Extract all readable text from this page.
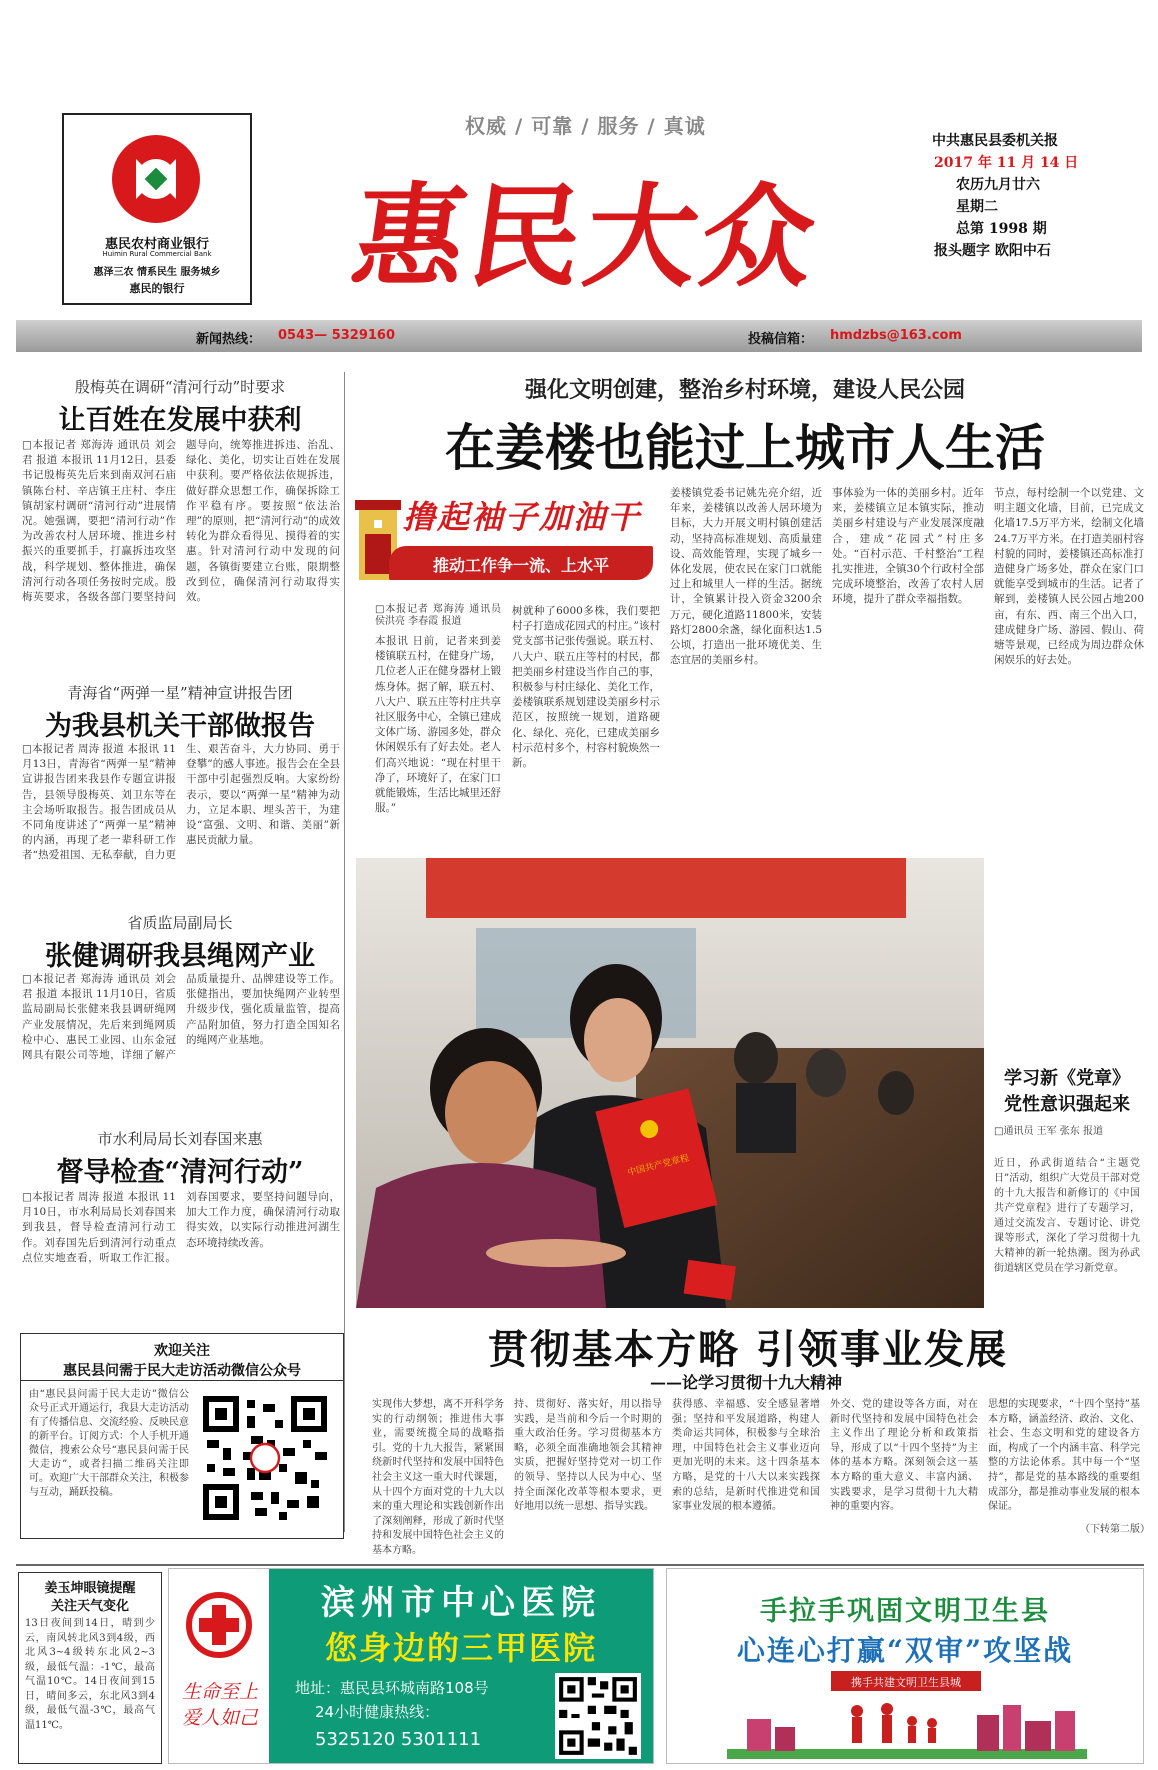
惠民农村商业银行
Huimin Rural Commercial Bank
惠泽三农 情系民生 服务城乡
惠民的银行
权威 / 可靠 / 服务 / 真诚
惠民大众
中共惠民县委机关报
2017 年 11 月 14 日
农历九月廿六
星期二
总第 1998 期
报头题字 欧阳中石
新闻热线： 0543— 5329160	投稿信箱： hmdzbs@163.com
殷梅英在调研“清河行动”时要求
让百姓在发展中获利
□本报记者 郑海涛 通讯员 刘会君 报道 本报讯 11月12日，县委书记殷梅英先后来到南双河石庙镇陈台村、辛店镇王庄村、李庄镇胡家村调研“清河行动”进展情况。她强调，要把“清河行动”作为改善农村人居环境、推进乡村振兴的重要抓手，打赢拆违攻坚战，科学规划、整体推进，确保清河行动各项任务按时完成。殷梅英要求，各级各部门要坚持问题导向，统筹推进拆违、治乱、绿化、美化，切实让百姓在发展中获利。要严格依法依规拆违，做好群众思想工作，确保拆除工作平稳有序。要按照“依法治理”的原则，把“清河行动”的成效转化为群众看得见、摸得着的实惠。针对清河行动中发现的问题，各镇街要建立台账，限期整改到位，确保清河行动取得实效。
青海省“两弹一星”精神宣讲报告团
为我县机关干部做报告
□本报记者 周涛 报道 本报讯 11月13日，青海省“两弹一星”精神宣讲报告团来我县作专题宣讲报告，县领导殷梅英、刘卫东等在主会场听取报告。报告团成员从不同角度讲述了“两弹一星”精神的内涵，再现了老一辈科研工作者“热爱祖国、无私奉献，自力更生、艰苦奋斗，大力协同、勇于登攀”的感人事迹。报告会在全县干部中引起强烈反响。大家纷纷表示，要以“两弹一星”精神为动力，立足本职、埋头苦干，为建设“富强、文明、和谐、美丽”新惠民贡献力量。
省质监局副局长
张健调研我县绳网产业
□本报记者 郑海涛 通讯员 刘会君 报道 本报讯 11月10日，省质监局副局长张健来我县调研绳网产业发展情况，先后来到绳网质检中心、惠民工业园、山东金冠网具有限公司等地，详细了解产品质量提升、品牌建设等工作。张健指出，要加快绳网产业转型升级步伐，强化质量监管，提高产品附加值，努力打造全国知名的绳网产业基地。
市水利局局长刘春国来惠
督导检查“清河行动”
□本报记者 周涛 报道 本报讯 11月10日，市水利局局长刘春国来到我县，督导检查清河行动工作。刘春国先后到清河行动重点点位实地查看，听取工作汇报。刘春国要求，要坚持问题导向，加大工作力度，确保清河行动取得实效，以实际行动推进河湖生态环境持续改善。
欢迎关注
惠民县问需于民大走访活动微信公众号
由“惠民县问需于民大走访”微信公众号正式开通运行，我县大走访活动有了传播信息、交流经验、反映民意的新平台。订阅方式：个人手机开通微信，搜索公众号“惠民县问需于民大走访”，或者扫描二维码关注即可。欢迎广大干部群众关注，积极参与互动，踊跃投稿。
强化文明创建，整治乡村环境，建设人民公园
在姜楼也能过上城市人生活
撸起袖子加油干
推动工作争一流、上水平
□本报记者 郑海涛 通讯员 侯洪亮 李春霞 报道
本报讯 日前，记者来到姜楼镇联五村，在健身广场，几位老人正在健身器材上锻炼身体。据了解，联五村、八大户、联五庄等村庄共享社区服务中心，全镇已建成文体广场、游园多处，群众休闲娱乐有了好去处。老人们高兴地说：“现在村里干净了，环境好了，在家门口就能锻炼，生活比城里还舒服。”
树就种了6000多株，我们要把村子打造成花园式的村庄。”该村党支部书记张传强说。联五村、八大户、联五庄等村的村民，都把美丽乡村建设当作自己的事，积极参与村庄绿化、美化工作，姜楼镇联系规划建设美丽乡村示范区，按照统一规划，道路硬化、绿化、亮化，已建成美丽乡村示范村多个，村容村貌焕然一新。
姜楼镇党委书记姚先亮介绍，近年来，姜楼镇以改善人居环境为目标，大力开展文明村镇创建活动，坚持高标准规划、高质量建设、高效能管理，实现了城乡一体化发展，使农民在家门口就能过上和城里人一样的生活。据统计，全镇累计投入资金3200余万元，硬化道路11800米，安装路灯2800余盏，绿化面积达1.5公顷，打造出一批环境优美、生态宜居的美丽乡村。
事体验为一体的美丽乡村。近年来，姜楼镇立足本镇实际，推动美丽乡村建设与产业发展深度融合，建成“花园式”村庄多处。“百村示范、千村整治”工程扎实推进，全镇30个行政村全部完成环境整治，改善了农村人居环境，提升了群众幸福指数。
节点，每村绘制一个以党建、文明主题文化墙，目前，已完成文化墙17.5万平方米，绘制文化墙24.7万平方米。在打造美丽村容村貌的同时，姜楼镇还高标准打造健身广场多处，群众在家门口就能享受到城市的生活。记者了解到，姜楼镇人民公园占地200亩，有东、西、南三个出入口，建成健身广场、游园、假山、荷塘等景观，已经成为周边群众休闲娱乐的好去处。
中国共产党章程
学习新《党章》 党性意识强起来
□通讯员 王军 张东 报道
近日，孙武街道结合“主题党日”活动，组织广大党员干部对党的十九大报告和新修订的《中国共产党章程》进行了专题学习，通过交流发言、专题讨论、讲党课等形式，深化了学习贯彻十九大精神的新一轮热潮。图为孙武街道辖区党员在学习新党章。
贯彻基本方略 引领事业发展
——论学习贯彻十九大精神
实现伟大梦想，离不开科学务实的行动纲领；推进伟大事业，需要统揽全局的战略指引。党的十九大报告，紧紧围绕新时代坚持和发展中国特色社会主义这一重大时代课题，从十四个方面对党的十九大以来的重大理论和实践创新作出了深刻阐释，形成了新时代坚持和发展中国特色社会主义的基本方略。
持、贯彻好、落实好，用以指导实践，是当前和今后一个时期的重大政治任务。学习贯彻基本方略，必须全面准确地领会其精神实质，把握好坚持党对一切工作的领导、坚持以人民为中心、坚持全面深化改革等根本要求，更好地用以统一思想、指导实践。
获得感、幸福感、安全感显著增强；坚持和平发展道路，构建人类命运共同体，积极参与全球治理，中国特色社会主义事业迈向更加光明的未来。这十四条基本方略，是党的十八大以来实践探索的总结，是新时代推进党和国家事业发展的根本遵循。
外交、党的建设等各方面，对在新时代坚持和发展中国特色社会主义作出了理论分析和政策指导，形成了以“十四个坚持”为主体的基本方略。深刻领会这一基本方略的重大意义、丰富内涵、实践要求，是学习贯彻十九大精神的重要内容。
思想的实现要求，“十四个坚持”基本方略，涵盖经济、政治、文化、社会、生态文明和党的建设各方面，构成了一个内涵丰富、科学完整的方法论体系。其中每一个“坚持”，都是党的基本路线的重要组成部分，都是推动事业发展的根本保证。
（下转第二版）
姜玉坤眼镜提醒
关注天气变化
13日夜间到14日，晴到少云，南风转北风3到4级，西北风3~4级转东北风2~3级，最低气温：-1℃，最高气温10℃。14日夜间到15日，晴间多云，东北风3到4级，最低气温-3℃，最高气温11℃。
生命至上 爱人如己
滨州市中心医院
您身边的三甲医院
地址：惠民县环城南路108号
24小时健康热线：
5325120 5301111
手拉手巩固文明卫生县
心连心打赢“双审”攻坚战
携手共建文明卫生县城
